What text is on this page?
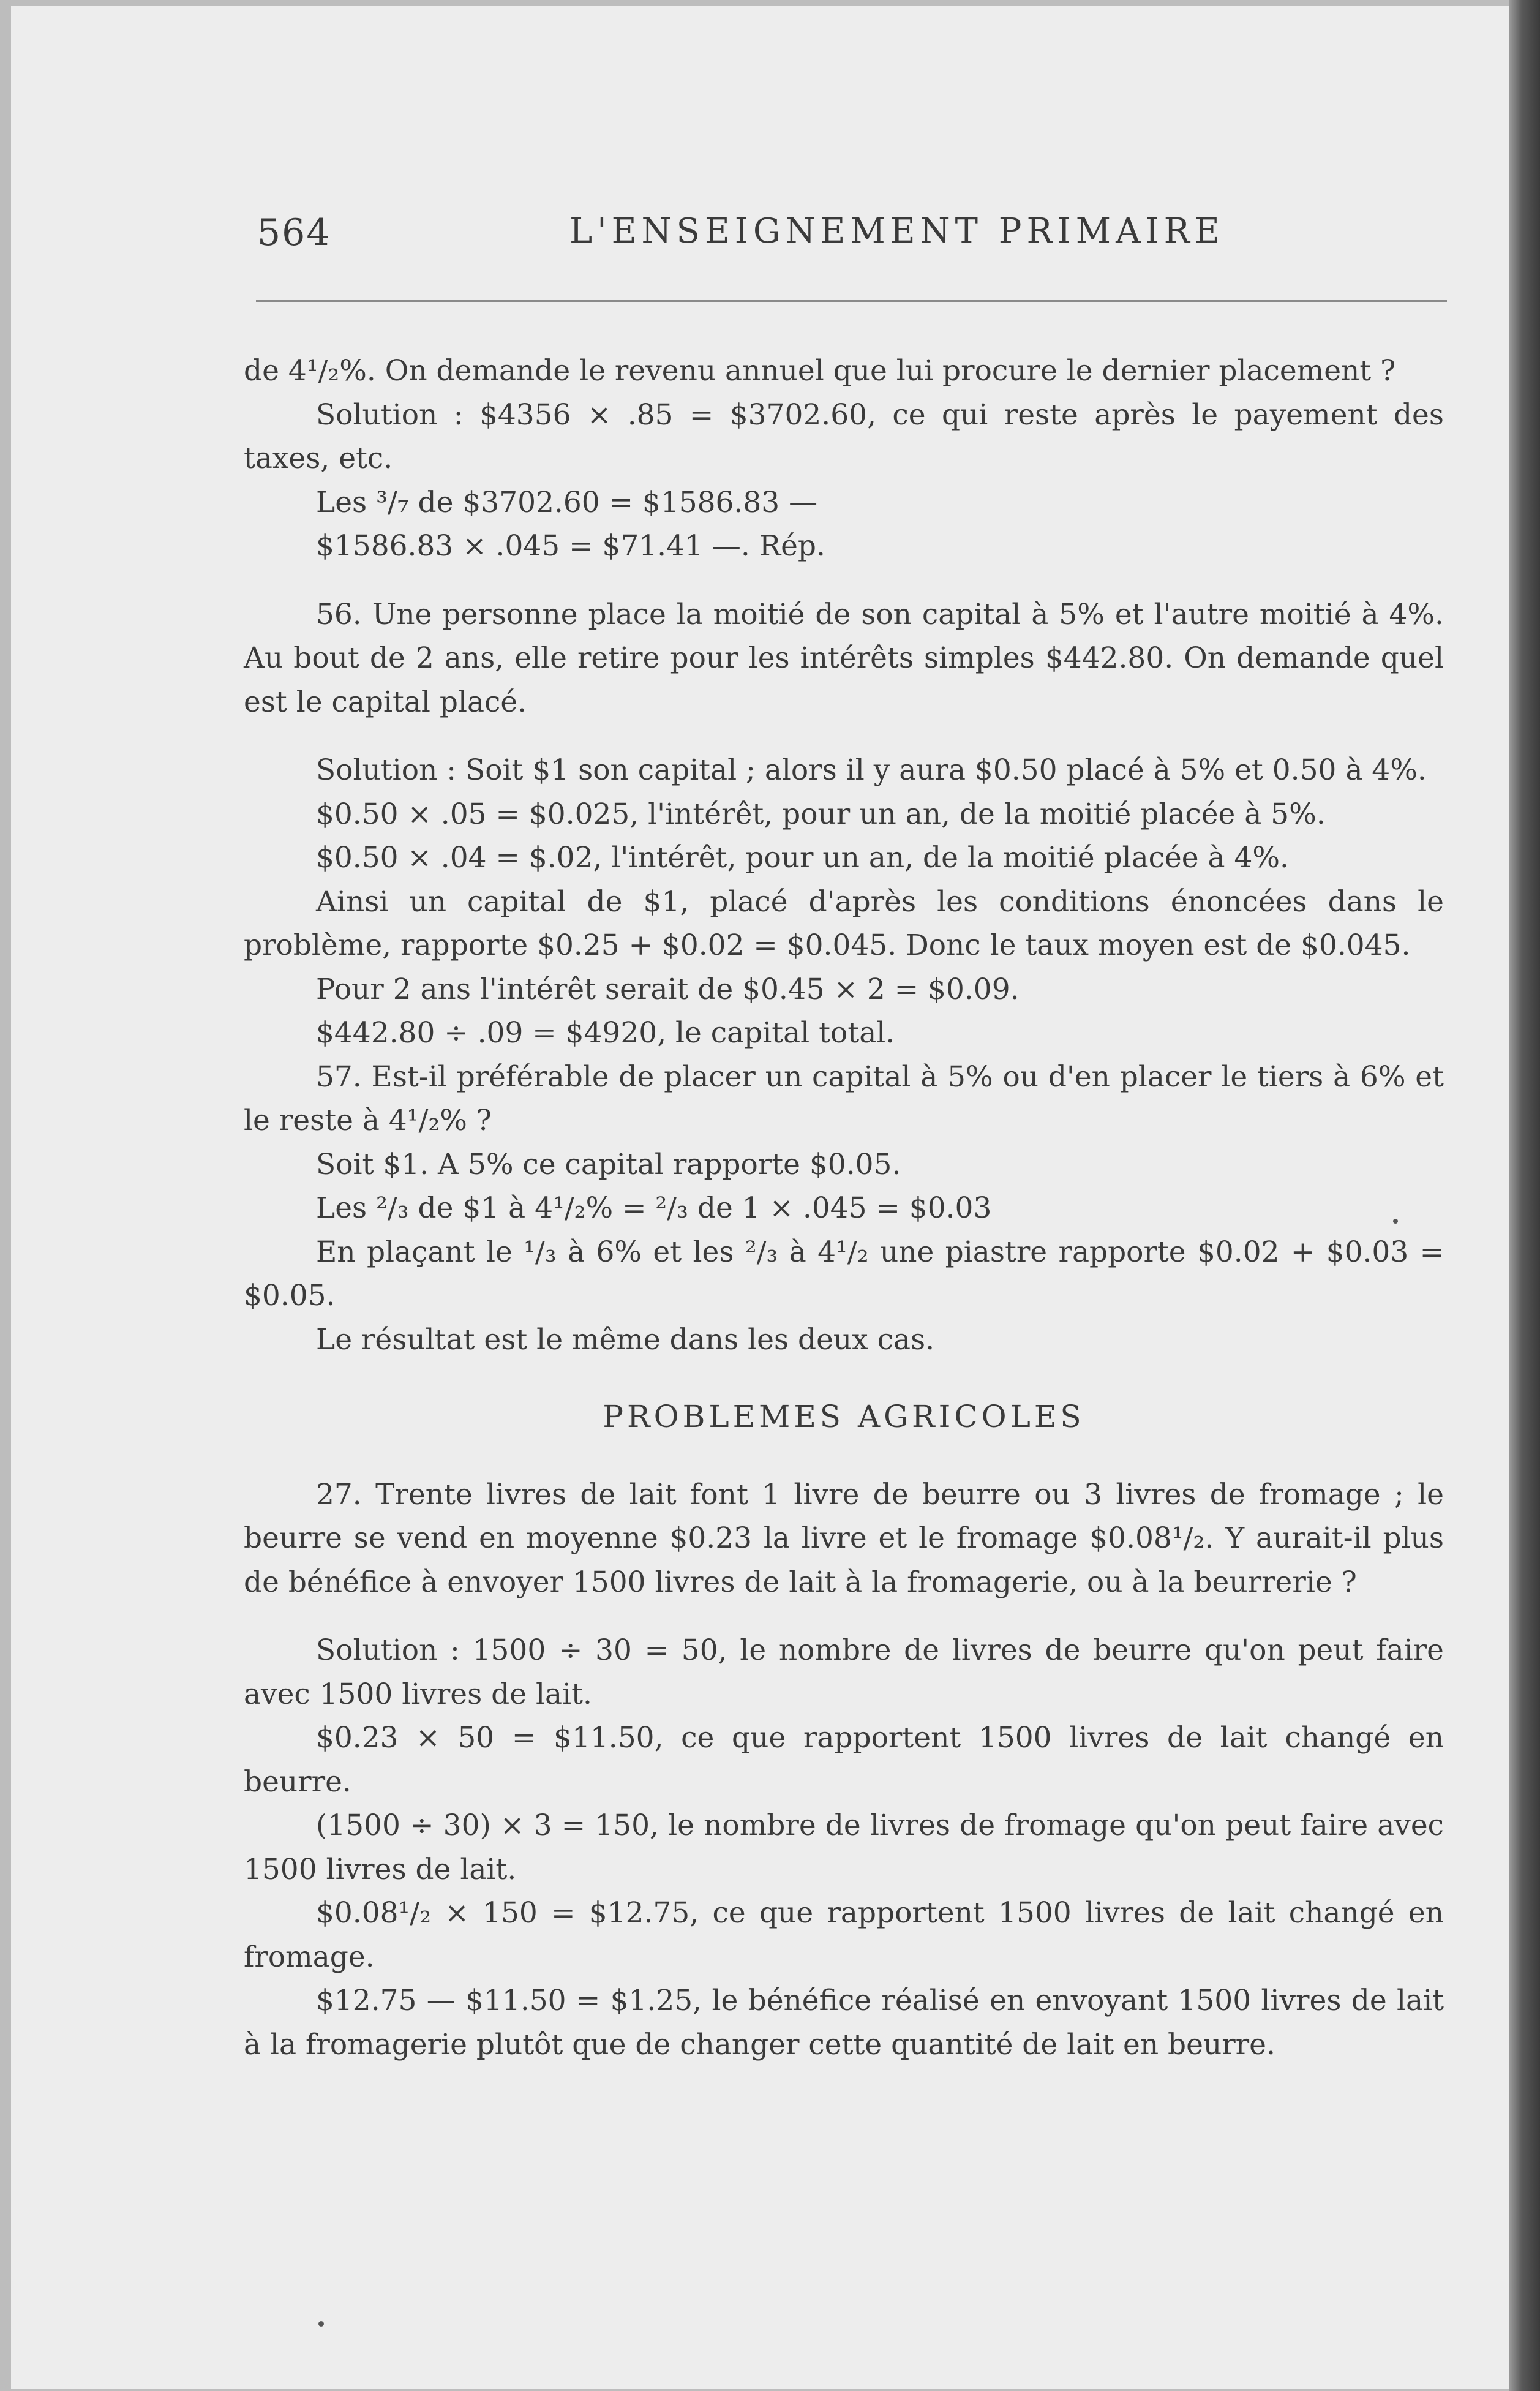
564	L'ENSEIGNEMENT PRIMAIRE

de 4¹/₂%. On demande le revenu annuel que lui procure le dernier placement ?

Solution : $4356 × .85 = $3702.60, ce qui reste après le payement des taxes, etc.

Les ³/₇ de $3702.60 = $1586.83 —

$1586.83 × .045 = $71.41 —. Rép.

56. Une personne place la moitié de son capital à 5% et l'autre moitié à 4%. Au bout de 2 ans, elle retire pour les intérêts simples $442.80. On demande quel est le capital placé.

Solution : Soit $1 son capital ; alors il y aura $0.50 placé à 5% et 0.50 à 4%.

$0.50 × .05 = $0.025, l'intérêt, pour un an, de la moitié placée à 5%.

$0.50 × .04 = $.02, l'intérêt, pour un an, de la moitié placée à 4%.

Ainsi un capital de $1, placé d'après les conditions énoncées dans le problème, rapporte $0.25 + $0.02 = $0.045. Donc le taux moyen est de $0.045.

Pour 2 ans l'intérêt serait de $0.45 × 2 = $0.09.

$442.80 ÷ .09 = $4920, le capital total.

57. Est-il préférable de placer un capital à 5% ou d'en placer le tiers à 6% et le reste à 4¹/₂% ?

Soit $1. A 5% ce capital rapporte $0.05.

Les ²/₃ de $1 à 4¹/₂% = ²/₃ de 1 × .045 = $0.03

En plaçant le ¹/₃ à 6% et les ²/₃ à 4¹/₂ une piastre rapporte $0.02 + $0.03 = $0.05.

Le résultat est le même dans les deux cas.

PROBLEMES AGRICOLES

27. Trente livres de lait font 1 livre de beurre ou 3 livres de fromage ; le beurre se vend en moyenne $0.23 la livre et le fromage $0.08¹/₂. Y aurait-il plus de bénéfice à envoyer 1500 livres de lait à la fromagerie, ou à la beurrerie ?

Solution : 1500 ÷ 30 = 50, le nombre de livres de beurre qu'on peut faire avec 1500 livres de lait.

$0.23 × 50 = $11.50, ce que rapportent 1500 livres de lait changé en beurre.

(1500 ÷ 30) × 3 = 150, le nombre de livres de fromage qu'on peut faire avec 1500 livres de lait.

$0.08¹/₂ × 150 = $12.75, ce que rapportent 1500 livres de lait changé en fromage.

$12.75 — $11.50 = $1.25, le bénéfice réalisé en envoyant 1500 livres de lait à la fromagerie plutôt que de changer cette quantité de lait en beurre.
